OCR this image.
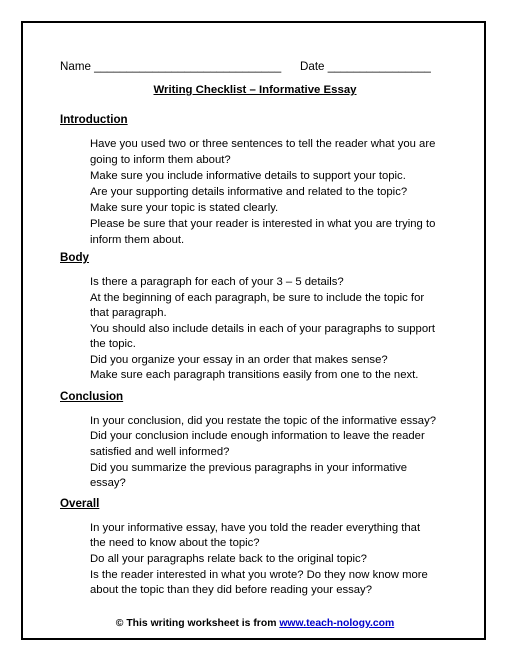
Name _____________________________ Date ________________
Writing Checklist – Informative Essay
Introduction
Have you used two or three sentences to tell the reader what you are
going to inform them about?
Make sure you include informative details to support your topic.
Are your supporting details informative and related to the topic?
Make sure your topic is stated clearly.
Please be sure that your reader is interested in what you are trying to
inform them about.
Body
Is there a paragraph for each of your 3 – 5 details?
At the beginning of each paragraph, be sure to include the topic for
that paragraph.
You should also include details in each of your paragraphs to support
the topic.
Did you organize your essay in an order that makes sense?
Make sure each paragraph transitions easily from one to the next.
Conclusion
In your conclusion, did you restate the topic of the informative essay?
Did your conclusion include enough information to leave the reader
satisfied and well informed?
Did you summarize the previous paragraphs in your informative
essay?
Overall
In your informative essay, have you told the reader everything that
the need to know about the topic?
Do all your paragraphs relate back to the original topic?
Is the reader interested in what you wrote? Do they now know more
about the topic than they did before reading your essay?
© This writing worksheet is from www.teach-nology.com
